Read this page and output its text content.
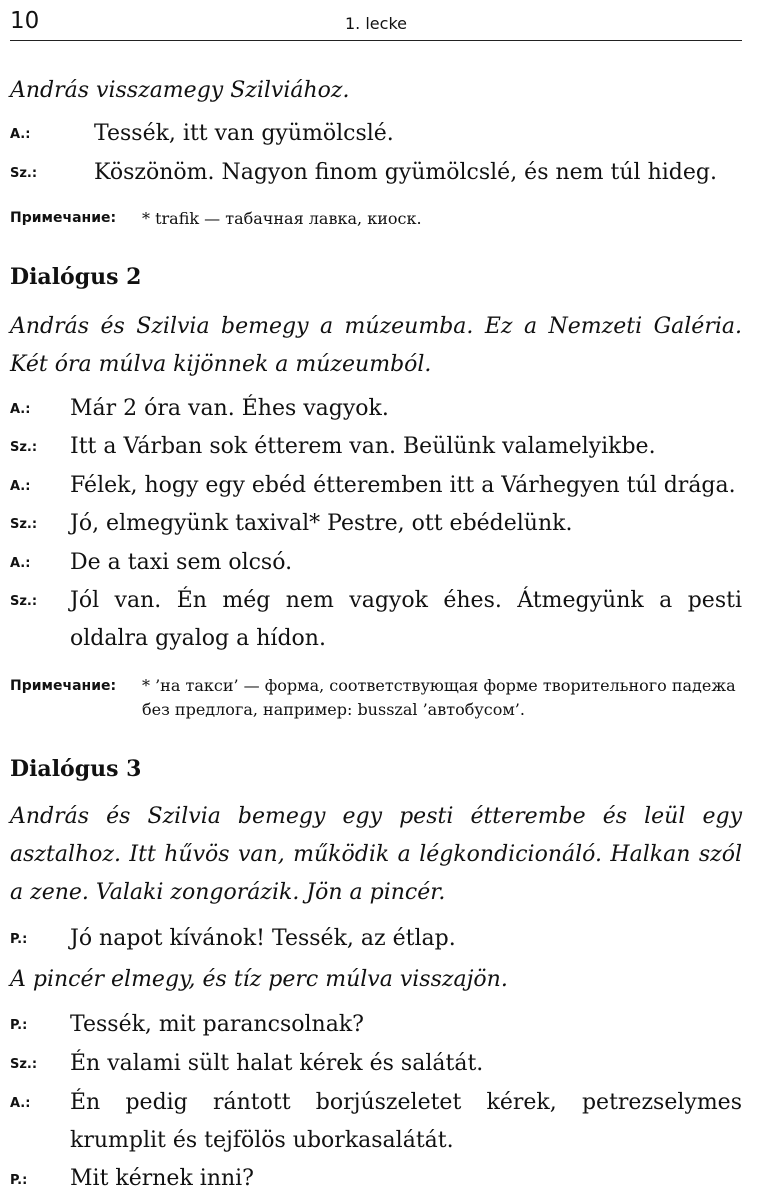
10	1. lecke
András visszamegy Szilviához.
A.:	Tessék, itt van gyümölcslé.
Sz.:	Köszönöm. Nagyon finom gyümölcslé, és nem túl hideg.
Примечание: * trafik — табачная лавка, киоск.
Dialógus 2
András és Szilvia bemegy a múzeumba. Ez a Nemzeti Galéria. Két óra múlva kijönnek a múzeumból.
A.: Már 2 óra van. Éhes vagyok.
Sz.: Itt a Várban sok étterem van. Beülünk valamelyikbe.
A.: Félek, hogy egy ebéd étteremben itt a Várhegyen túl drága.
Sz.: Jó, elmegyünk taxival* Pestre, ott ebédelünk.
A.: De a taxi sem olcsó.
Sz.: Jól van. Én még nem vagyok éhes. Átmegyünk a pesti oldalra gyalog a hídon.
Примечание: * ’на такси’ — форма, соответствующая форме творительного падежа без предлога, например: busszal ’автобусом’.
Dialógus 3
András és Szilvia bemegy egy pesti étterembe és leül egy asztalhoz. Itt hűvös van, működik a légkondicionáló. Halkan szól a zene. Valaki zongorázik. Jön a pincér.
P.: Jó napot kívánok! Tessék, az étlap.
A pincér elmegy, és tíz perc múlva visszajön.
P.: Tessék, mit parancsolnak?
Sz.: Én valami sült halat kérek és salátát.
A.: Én pedig rántott borjúszeletet kérek, petrezselymes krumplit és tejfölös uborkasalátát.
P.: Mit kérnek inni?
